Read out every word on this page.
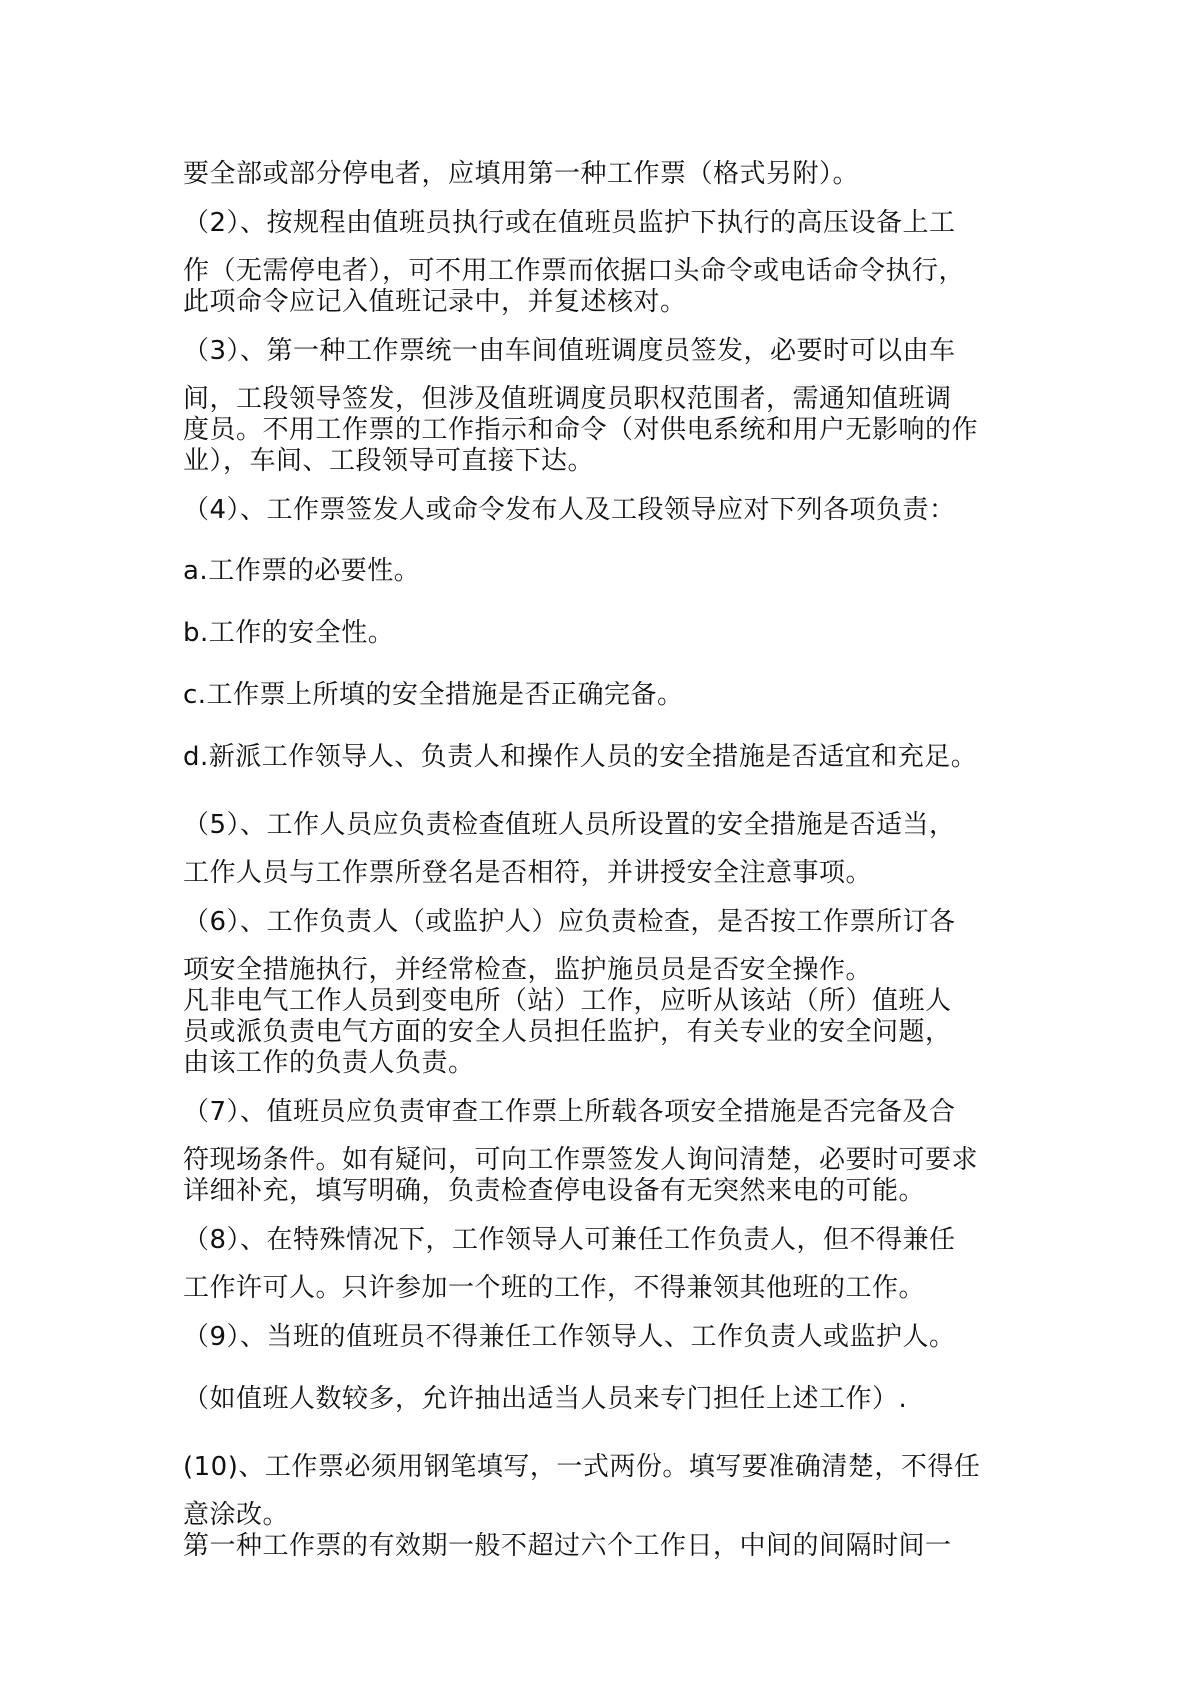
要全部或部分停电者，应填用第一种工作票（格式另附）。
（2）、按规程由值班员执行或在值班员监护下执行的高压设备上工
作（无需停电者），可不用工作票而依据口头命令或电话命令执行，
此项命令应记入值班记录中，并复述核对。
（3）、第一种工作票统一由车间值班调度员签发，必要时可以由车
间，工段领导签发，但涉及值班调度员职权范围者，需通知值班调
度员。不用工作票的工作指示和命令（对供电系统和用户无影响的作
业），车间、工段领导可直接下达。
（4）、工作票签发人或命令发布人及工段领导应对下列各项负责：
a.工作票的必要性。
b.工作的安全性。
c.工作票上所填的安全措施是否正确完备。
d.新派工作领导人、负责人和操作人员的安全措施是否适宜和充足。
（5）、工作人员应负责检查值班人员所设置的安全措施是否适当，
工作人员与工作票所登名是否相符，并讲授安全注意事项。
（6）、工作负责人（或监护人）应负责检查，是否按工作票所订各
项安全措施执行，并经常检查，监护施员员是否安全操作。
凡非电气工作人员到变电所（站）工作，应听从该站（所）值班人
员或派负责电气方面的安全人员担任监护，有关专业的安全问题，
由该工作的负责人负责。
（7）、值班员应负责审查工作票上所载各项安全措施是否完备及合
符现场条件。如有疑问，可向工作票签发人询问清楚，必要时可要求
详细补充，填写明确，负责检查停电设备有无突然来电的可能。
（8）、在特殊情况下，工作领导人可兼任工作负责人，但不得兼任
工作许可人。只许参加一个班的工作，不得兼领其他班的工作。
（9）、当班的值班员不得兼任工作领导人、工作负责人或监护人。
（如值班人数较多，允许抽出适当人员来专门担任上述工作）.
(10)、工作票必须用钢笔填写，一式两份。填写要准确清楚，不得任
意涂改。
第一种工作票的有效期一般不超过六个工作日，中间的间隔时间一
